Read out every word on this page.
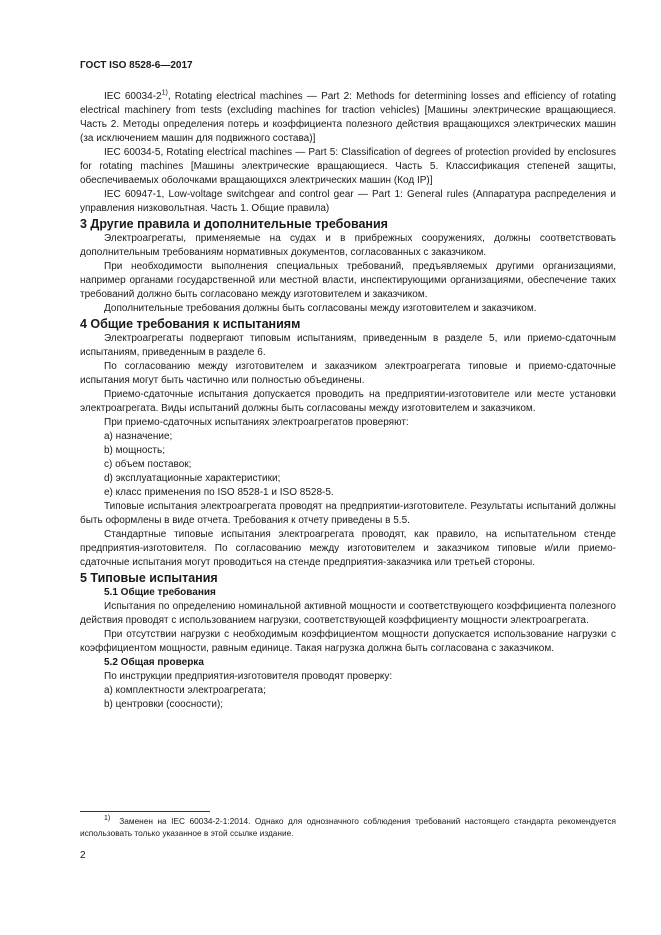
ГОСТ ISO 8528-6—2017

IEC 60034-2$^{1)}$, Rotating electrical machines — Part 2: Methods for determining losses and efficiency of rotating electrical machinery from tests (excluding machines for traction vehicles) [Машины электрические вращающиеся. Часть 2. Методы определения потерь и коэффициента полезного действия вращающихся электрических машин (за исключением машин для подвижного состава)]

IEC 60034-5, Rotating electrical machines — Part 5: Classification of degrees of protection provided by enclosures for rotating machines [Машины электрические вращающиеся. Часть 5. Классификация степеней защиты, обеспечиваемых оболочками вращающихся электрических машин (Код IP)]

IEC 60947-1, Low-voltage switchgear and control gear — Part 1: General rules (Аппаратура распределения и управления низковольтная. Часть 1. Общие правила)

3 Другие правила и дополнительные требования

Электроагрегаты, применяемые на судах и в прибрежных сооружениях, должны соответствовать дополнительным требованиям нормативных документов, согласованных с заказчиком.

При необходимости выполнения специальных требований, предъявляемых другими организациями, например органами государственной или местной власти, инспектирующими организациями, обеспечение таких требований должно быть согласовано между изготовителем и заказчиком.

Дополнительные требования должны быть согласованы между изготовителем и заказчиком.

4 Общие требования к испытаниям

Электроагрегаты подвергают типовым испытаниям, приведенным в разделе 5, или приемо-сдаточным испытаниям, приведенным в разделе 6.

По согласованию между изготовителем и заказчиком электроагрегата типовые и приемо-сдаточные испытания могут быть частично или полностью объединены.

Приемо-сдаточные испытания допускается проводить на предприятии-изготовителе или месте установки электроагрегата. Виды испытаний должны быть согласованы между изготовителем и заказчиком.

При приемо-сдаточных испытаниях электроагрегатов проверяют:

a) назначение;

b) мощность;

c) объем поставок;

d) эксплуатационные характеристики;

e) класс применения по ISO 8528-1 и ISO 8528-5.

Типовые испытания электроагрегата проводят на предприятии-изготовителе. Результаты испытаний должны быть оформлены в виде отчета. Требования к отчету приведены в 5.5.

Стандартные типовые испытания электроагрегата проводят, как правило, на испытательном стенде предприятия-изготовителя. По согласованию между изготовителем и заказчиком типовые и/или приемо-сдаточные испытания могут проводиться на стенде предприятия-заказчика или третьей стороны.

5 Типовые испытания
5.1 Общие требования

Испытания по определению номинальной активной мощности и соответствующего коэффициента полезного действия проводят с использованием нагрузки, соответствующей коэффициенту мощности электроагрегата.

При отсутствии нагрузки с необходимым коэффициентом мощности допускается использование нагрузки с коэффициентом мощности, равным единице. Такая нагрузка должна быть согласована с заказчиком.

5.2 Общая проверка

По инструкции предприятия-изготовителя проводят проверку:

a) комплектности электроагрегата;

b) центровки (соосности);

$^{1)}$ Заменен на IEC 60034-2-1:2014. Однако для однозначного соблюдения требований настоящего стандарта рекомендуется использовать только указанное в этой ссылке издание.
2
